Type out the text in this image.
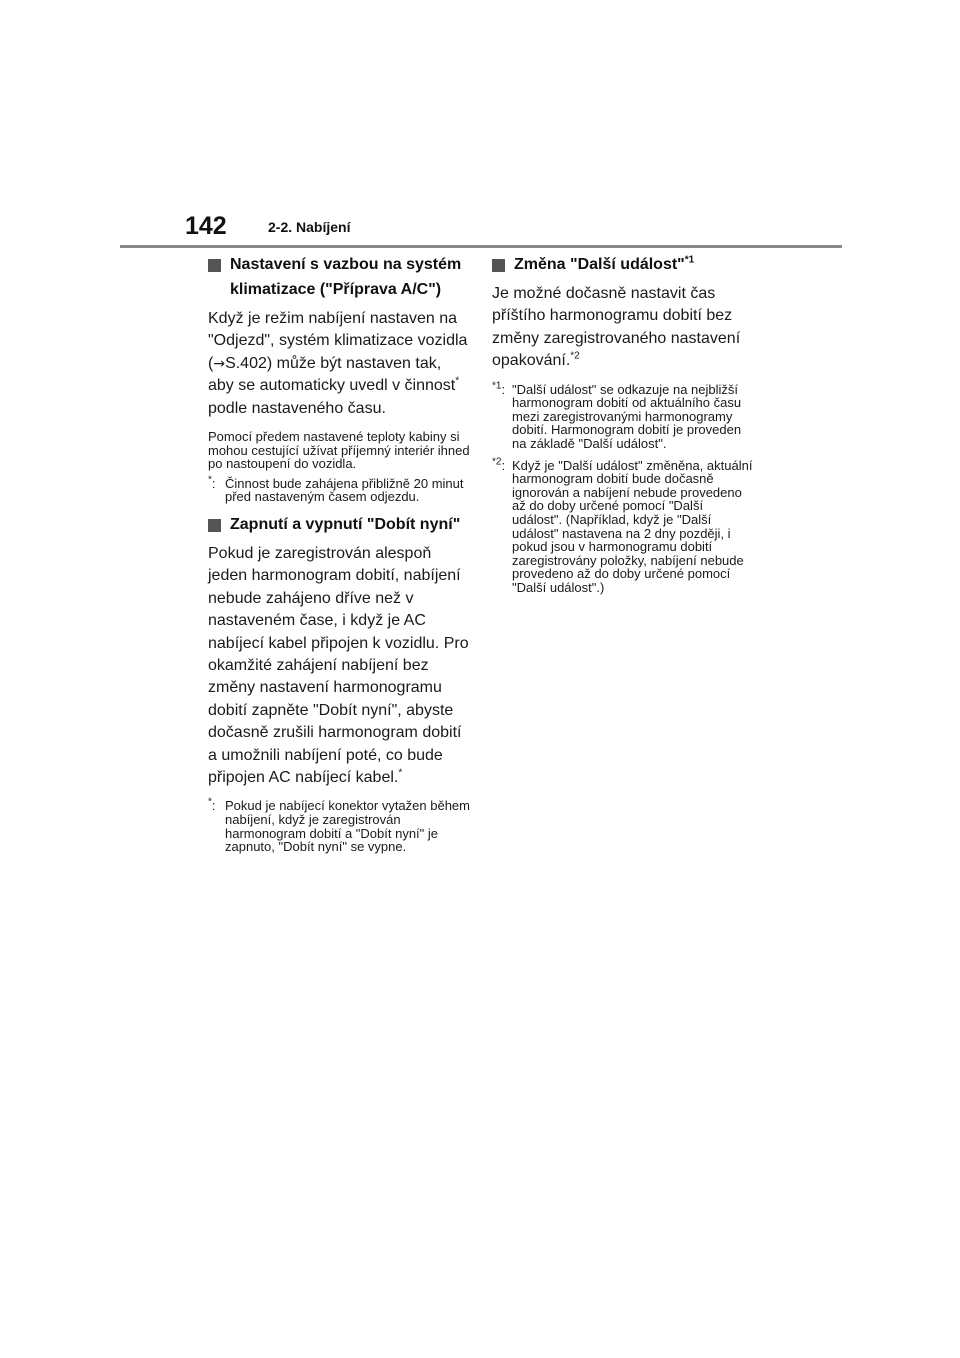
142	2-2. Nabíjení
Nastavení s vazbou na systém klimatizace ("Příprava A/C")

Když je režim nabíjení nastaven na "Odjezd", systém klimatizace vozidla (→S.402) může být nastaven tak, aby se automaticky uvedl v činnost* podle nastaveného času.

Pomocí předem nastavené teploty kabiny si mohou cestující užívat příjemný interiér ihned po nastoupení do vozidla.

*: Činnost bude zahájena přibližně 20 minut před nastaveným časem odjezdu.
Zapnutí a vypnutí "Dobít nyní"

Pokud je zaregistrován alespoň jeden harmonogram dobití, nabíjení nebude zahájeno dříve než v nastaveném čase, i když je AC nabíjecí kabel připojen k vozidlu. Pro okamžité zahájení nabíjení bez změny nastavení harmonogramu dobití zapněte "Dobít nyní", abyste dočasně zrušili harmonogram dobití a umožnili nabíjení poté, co bude připojen AC nabíjecí kabel.*

*: Pokud je nabíjecí konektor vytažen během nabíjení, když je zaregistrován harmonogram dobití a "Dobít nyní" je zapnuto, "Dobít nyní" se vypne.
Změna "Další událost"$^{*1}$

Je možné dočasně nastavit čas příštího harmonogramu dobití bez změny zaregistrovaného nastavení opakování.$^{*2}$

$^{*1}$: "Další událost" se odkazuje na nejbližší harmonogram dobití od aktuálního času mezi zaregistrovanými harmonogramy dobití. Harmonogram dobití je proveden na základě "Další událost".
$^{*2}$: Když je "Další událost" změněna, aktuální harmonogram dobití bude dočasně ignorován a nabíjení nebude provedeno až do doby určené pomocí "Další událost". (Například, když je "Další událost" nastavena na 2 dny později, i pokud jsou v harmonogramu dobití zaregistrovány položky, nabíjení nebude provedeno až do doby určené pomocí "Další událost".)
